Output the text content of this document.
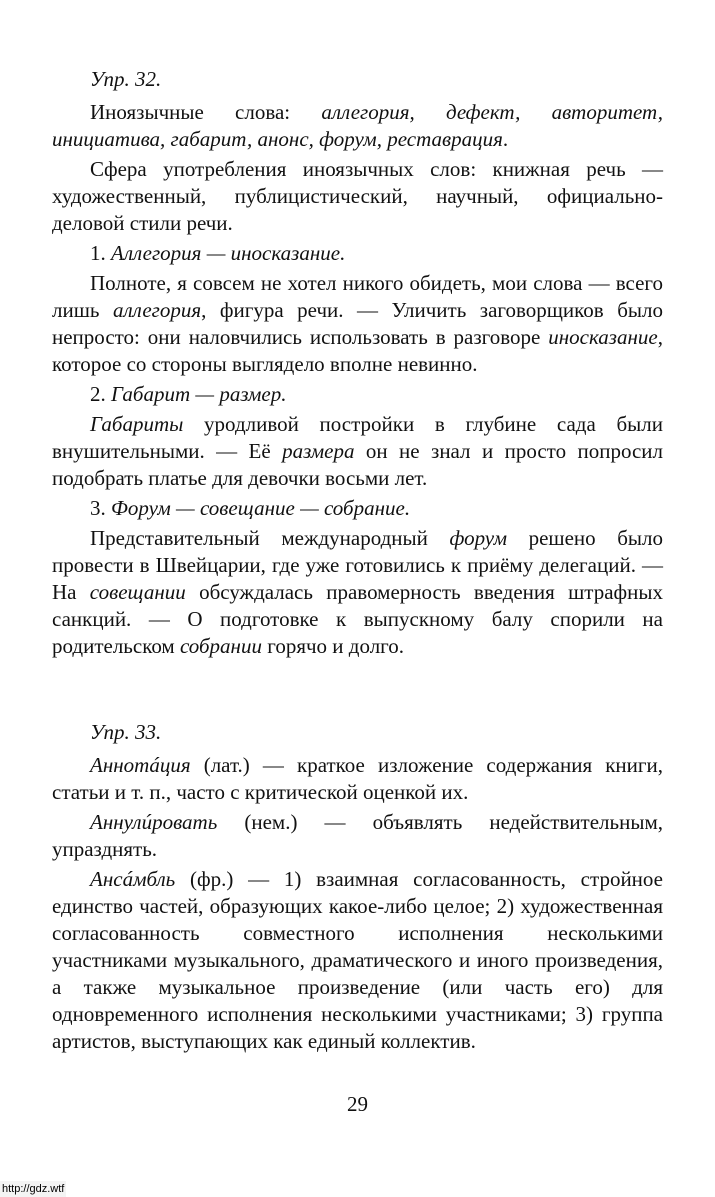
Упр. 32.

Иноязычные слова: аллегория, дефект, авторитет, инициатива, габарит, анонс, форум, реставрация.

Сфера употребления иноязычных слов: книжная речь — художественный, публицистический, научный, официально-деловой стили речи.

1. Аллегория — иносказание.

Полноте, я совсем не хотел никого обидеть, мои слова — всего лишь аллегория, фигура речи. — Уличить заговорщиков было непросто: они наловчились использовать в разговоре иносказание, которое со стороны выглядело вполне невинно.

2. Габарит — размер.

Габариты уродливой постройки в глубине сада были внушительными. — Её размера он не знал и просто попросил подобрать платье для девочки восьми лет.

3. Форум — совещание — собрание.

Представительный международный форум решено было провести в Швейцарии, где уже готовились к приёму делегаций. — На совещании обсуждалась правомерность введения штрафных санкций. — О подготовке к выпускному балу спорили на родительском собрании горячо и долго.

Упр. 33.

Аннотáция (лат.) — краткое изложение содержания книги, статьи и т. п., часто с критической оценкой их.

Аннулúровать (нем.) — объявлять недействительным, упразднять.

Ансáмбль (фр.) — 1) взаимная согласованность, стройное единство частей, образующих какое-либо целое; 2) художественная согласованность совместного исполнения несколькими участниками музыкального, драматического и иного произведения, а также музыкальное произведение (или часть его) для одновременного исполнения несколькими участниками; 3) группа артистов, выступающих как единый коллектив.

29
http://gdz.wtf
